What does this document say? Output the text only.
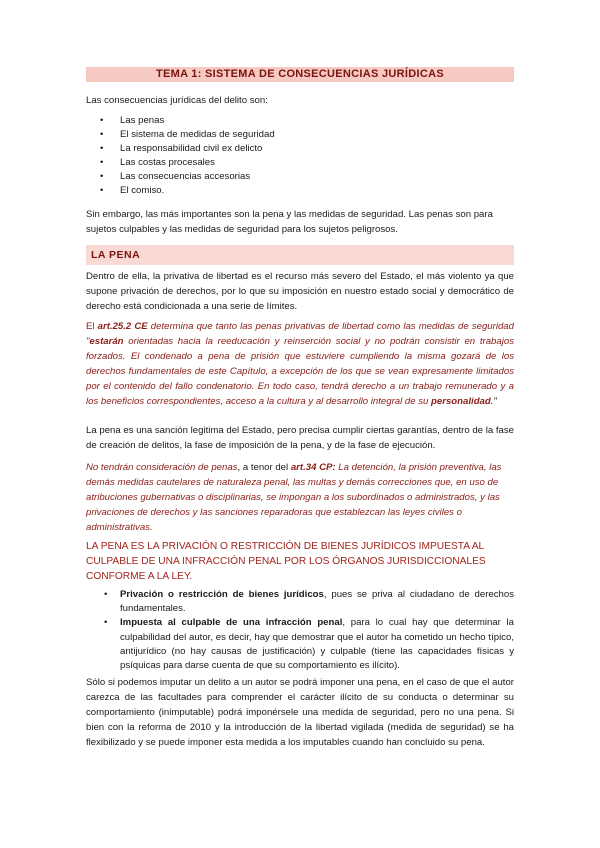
TEMA 1: SISTEMA DE CONSECUENCIAS JURÍDICAS

Las consecuencias jurídicas del delito son:

• Las penas
• El sistema de medidas de seguridad
• La responsabilidad civil ex delicto
• Las costas procesales
• Las consecuencias accesorias
• El comiso.

Sin embargo, las más importantes son la pena y las medidas de seguridad. Las penas son para sujetos culpables y las medidas de seguridad para los sujetos peligrosos.

LA PENA

Dentro de ella, la privativa de libertad es el recurso más severo del Estado, el más violento ya que supone privación de derechos, por lo que su imposición en nuestro estado social y democrático de derecho está condicionada a una serie de límites.

El art.25.2 CE determina que tanto las penas privativas de libertad como las medidas de seguridad "estarán orientadas hacia la reeducación y reinserción social y no podrán consistir en trabajos forzados. El condenado a pena de prisión que estuviere cumpliendo la misma gozará de los derechos fundamentales de este Capítulo, a excepción de los que se vean expresamente limitados por el contenido del fallo condenatorio. En todo caso, tendrá derecho a un trabajo remunerado y a los beneficios correspondientes, acceso a la cultura y al desarrollo integral de su personalidad."

La pena es una sanción legitima del Estado, pero precisa cumplir ciertas garantías, dentro de la fase de creación de delitos, la fase de imposición de la pena, y de la fase de ejecución.

No tendrán consideración de penas, a tenor del art.34 CP: La detención, la prisión preventiva, las demás medidas cautelares de naturaleza penal, las multas y demás correcciones que, en uso de atribuciones gubernativas o disciplinarias, se impongan a los subordinados o administrados, y las privaciones de derechos y las sanciones reparadoras que establezcan las leyes civiles o administrativas.

LA PENA ES LA PRIVACIÓN O RESTRICCIÓN DE BIENES JURÍDICOS IMPUESTA AL CULPABLE DE UNA INFRACCIÓN PENAL POR LOS ÓRGANOS JURISDICCIONALES CONFORME A LA LEY.

• Privación o restricción de bienes jurídicos, pues se priva al ciudadano de derechos fundamentales.
• Impuesta al culpable de una infracción penal, para lo cual hay que determinar la culpabilidad del autor, es decir, hay que demostrar que el autor ha cometido un hecho típico, antijurídico (no hay causas de justificación) y culpable (tiene las capacidades físicas y psíquicas para darse cuenta de que su comportamiento es ilícito).

Sólo si podemos imputar un delito a un autor se podrá imponer una pena, en el caso de que el autor carezca de las facultades para comprender el carácter ilícito de su conducta o determinar su comportamiento (inimputable) podrá imponérsele una medida de seguridad, pero no una pena. Si bien con la reforma de 2010 y la introducción de la libertad vigilada (medida de seguridad) se ha flexibilizado y se puede imponer esta medida a los imputables cuando han concluido su pena.
